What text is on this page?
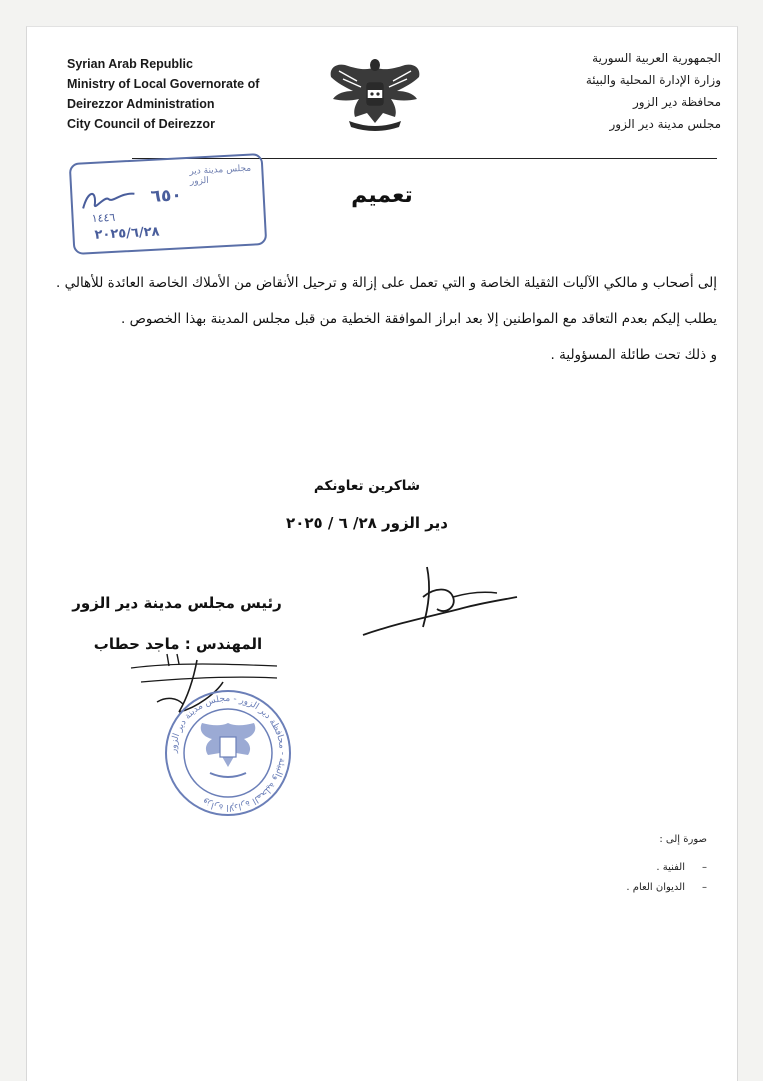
Syrian Arab Republic
Ministry of Local Governorate of
Deirezzor Administration
City Council of Deirezzor
الجمهورية العربية السورية
وزارة الإدارة المحلية والبيئة
محافظة دير الزور
مجلس مدينة دير الزور
مجلس مدينة دير الزور
٦٥٠
١٤٤٦
٢٠٢٥/٦/٢٨
تعميم

إلى أصحاب و مالكي الآليات الثقيلة الخاصة و التي تعمل على إزالة و ترحيل الأنقاض من الأملاك الخاصة العائدة للأهالي .

يطلب إليكم بعدم التعاقد مع المواطنين إلا بعد ابراز الموافقة الخطية من قبل مجلس المدينة بهذا الخصوص .

و ذلك تحت طائلة المسؤولية .

شاكرين تعاونكم
دير الزور ٢٨/ ٦ / ٢٠٢٥
رئيس مجلس مدينة دير الزور
المهندس : ماجد حطاب
وزارة الإدارة المحلية والبيئة - محافظة دير الزور - مجلس مدينة دير الزور
صورة إلى :
–الفنية .
–الديوان العام .
